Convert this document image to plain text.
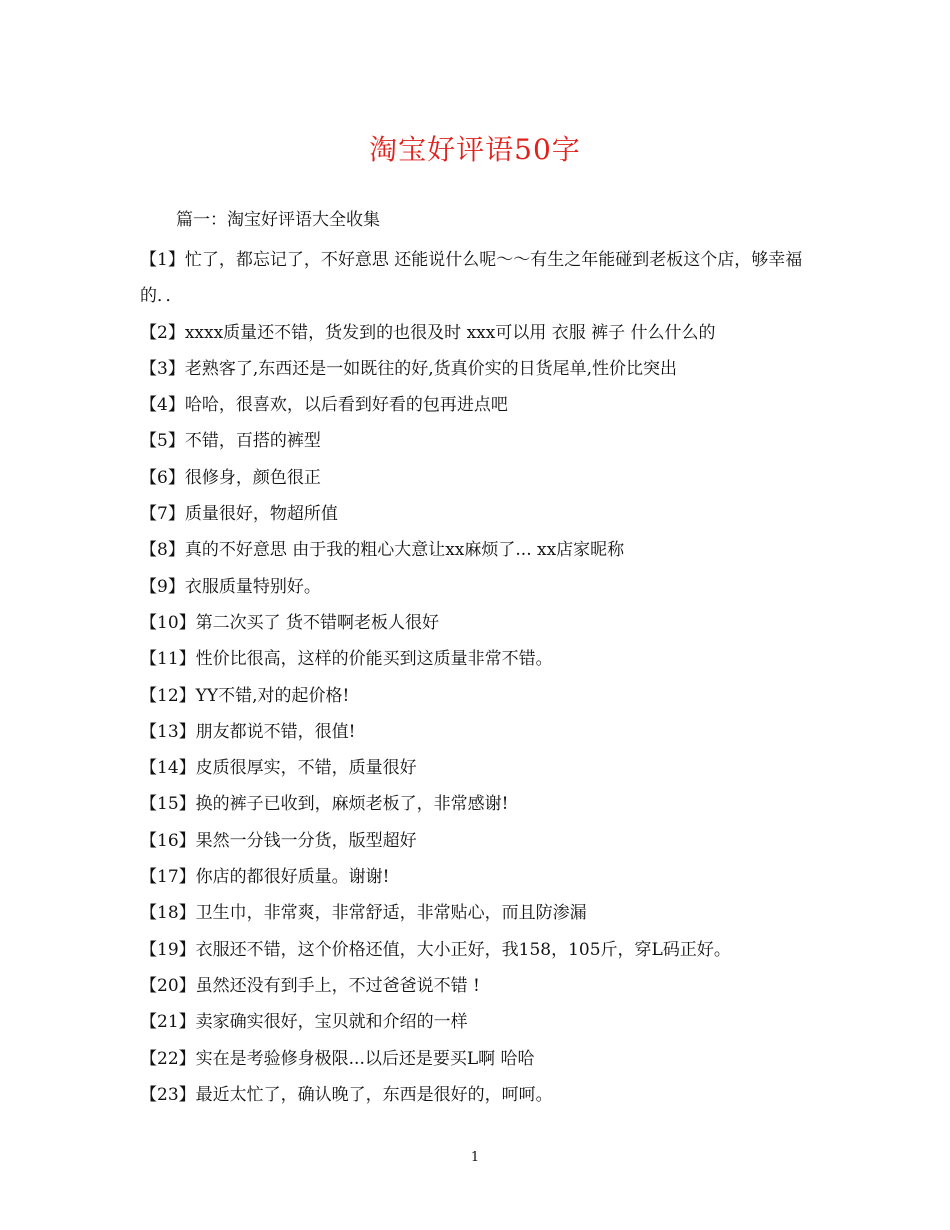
淘宝好评语50字
篇一：淘宝好评语大全收集
【1】忙了，都忘记了，不好意思 还能说什么呢～～有生之年能碰到老板这个店，够幸福的．．
【2】xxxx质量还不错，货发到的也很及时 xxx可以用 衣服 裤子 什么什么的
【3】老熟客了,东西还是一如既往的好,货真价实的日货尾单,性价比突出
【4】哈哈，很喜欢，以后看到好看的包再进点吧
【5】不错，百搭的裤型
【6】很修身，颜色很正
【7】质量很好，物超所值
【8】真的不好意思 由于我的粗心大意让xx麻烦了... xx店家昵称
【9】衣服质量特别好。
【10】第二次买了 货不错啊老板人很好
【11】性价比很高，这样的价能买到这质量非常不错。
【12】YY不错,对的起价格!
【13】朋友都说不错，很值!
【14】皮质很厚实，不错，质量很好
【15】换的裤子已收到，麻烦老板了，非常感谢!
【16】果然一分钱一分货，版型超好
【17】你店的都很好质量。谢谢!
【18】卫生巾，非常爽，非常舒适，非常贴心，而且防渗漏
【19】衣服还不错，这个价格还值，大小正好，我158，105斤，穿L码正好。
【20】虽然还没有到手上，不过爸爸说不错 !
【21】卖家确实很好，宝贝就和介绍的一样
【22】实在是考验修身极限...以后还是要买L啊 哈哈
【23】最近太忙了，确认晚了，东西是很好的，呵呵。
1
